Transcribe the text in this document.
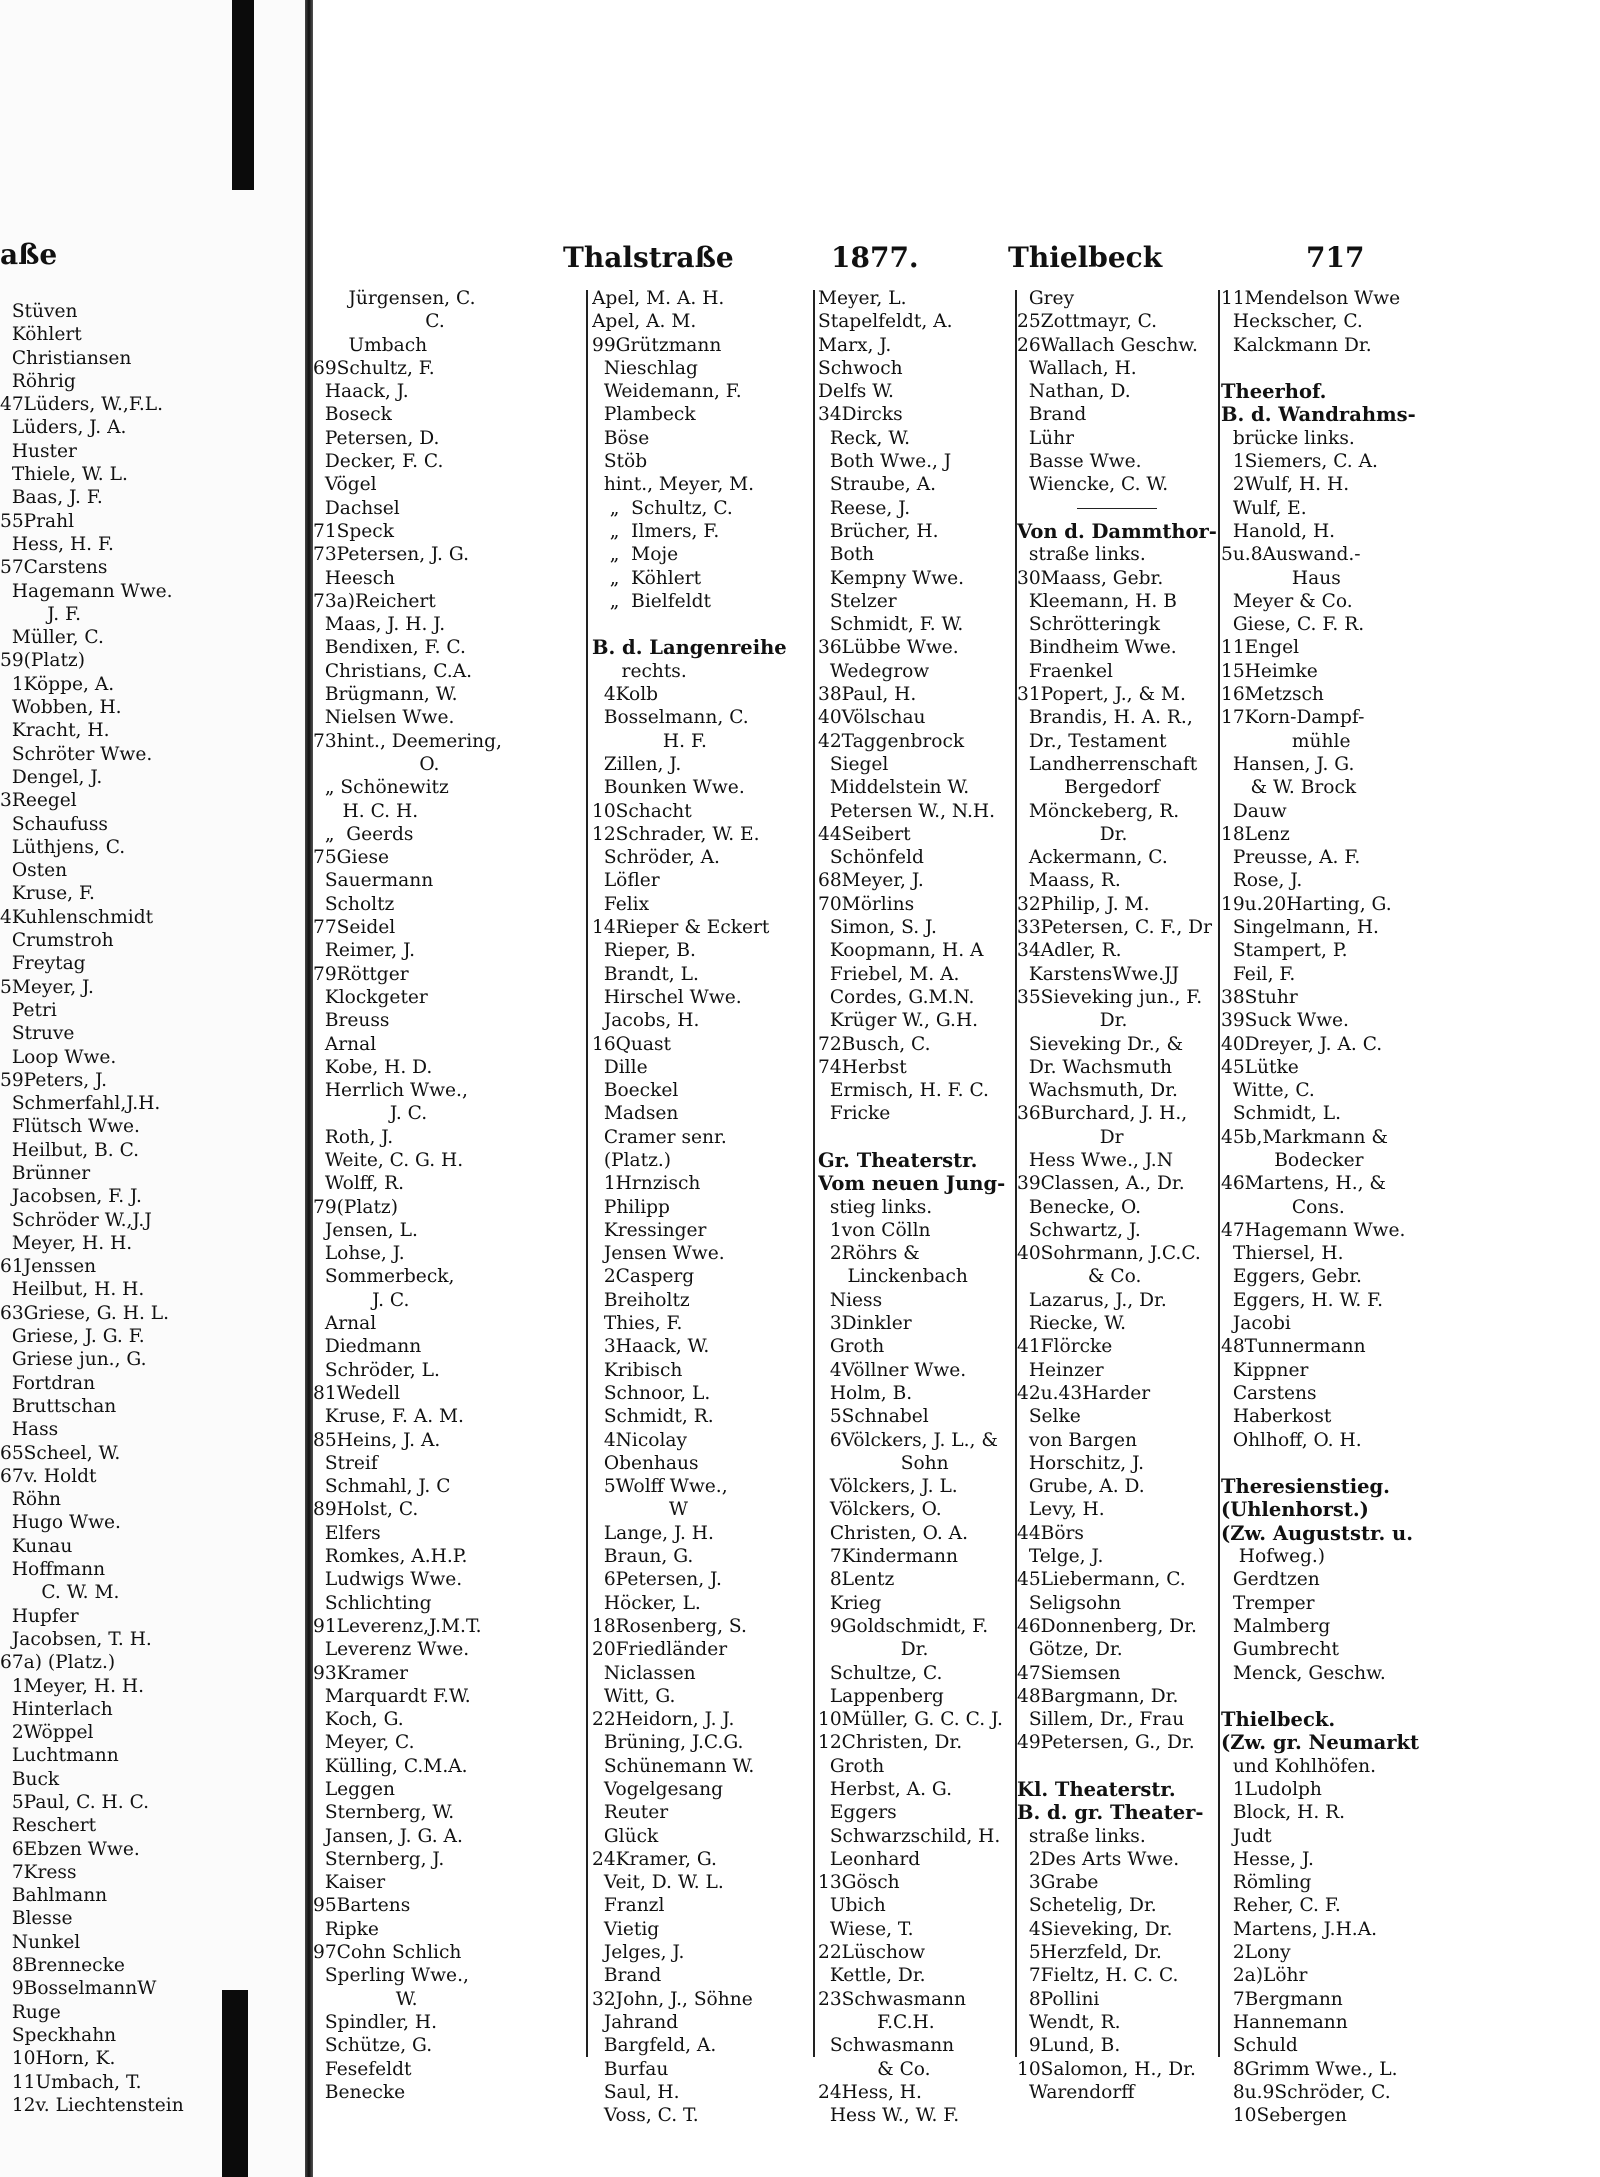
aße
Stüven
Köhlert
Christiansen
Röhrig
47Lüders, W.,F.L.
Lüders, J. A.
Huster
Thiele, W. L.
Baas, J. F.
55Prahl
Hess, H. F.
57Carstens
Hagemann Wwe.
J. F.
Müller, C.
59(Platz)
1Köppe, A.
Wobben, H.
Kracht, H.
Schröter Wwe.
Dengel, J.
3Reegel
Schaufuss
Lüthjens, C.
Osten
Kruse, F.
4Kuhlenschmidt
Crumstroh
Freytag
5Meyer, J.
Petri
Struve
Loop Wwe.
59Peters, J.
Schmerfahl,J.H.
Flütsch Wwe.
Heilbut, B. C.
Brünner
Jacobsen, F. J.
Schröder W.,J.J
Meyer, H. H.
61Jenssen
Heilbut, H. H.
63Griese, G. H. L.
Griese, J. G. F.
Griese jun., G.
Fortdran
Bruttschan
Hass
65Scheel, W.
67v. Holdt
Röhn
Hugo Wwe.
Kunau
Hoffmann
C. W. M.
Hupfer
Jacobsen, T. H.
67a) (Platz.)
1Meyer, H. H.
Hinterlach
2Wöppel
Luchtmann
Buck
5Paul, C. H. C.
Reschert
6Ebzen Wwe.
7Kress
Bahlmann
Blesse
Nunkel
8Brennecke
9BosselmannW
Ruge
Speckhahn
10Horn, K.
11Umbach, T.
12v. Liechtenstein
Thalstraße	1877.	Thielbeck	717
Jürgensen, C.
C.
Umbach
69Schultz, F.
Haack, J.
Boseck
Petersen, D.
Decker, F. C.
Vögel
Dachsel
71Speck
73Petersen, J. G.
Heesch
73a)Reichert
Maas, J. H. J.
Bendixen, F. C.
Christians, C.A.
Brügmann, W.
Nielsen Wwe.
73hint., Deemering,
O.
„ Schönewitz
H. C. H.
„  Geerds
75Giese
Sauermann
Scholtz
77Seidel
Reimer, J.
79Röttger
Klockgeter
Breuss
Arnal
Kobe, H. D.
Herrlich Wwe.,
J. C.
Roth, J.
Weite, C. G. H.
Wolff, R.
79(Platz)
Jensen, L.
Lohse, J.
Sommerbeck,
J. C.
Arnal
Diedmann
Schröder, L.
81Wedell
Kruse, F. A. M.
85Heins, J. A.
Streif
Schmahl, J. C
89Holst, C.
Elfers
Romkes, A.H.P.
Ludwigs Wwe.
Schlichting
91Leverenz,J.M.T.
Leverenz Wwe.
93Kramer
Marquardt F.W.
Koch, G.
Meyer, C.
Külling, C.M.A.
Leggen
Sternberg, W.
Jansen, J. G. A.
Sternberg, J.
Kaiser
95Bartens
Ripke
97Cohn Schlich
Sperling Wwe.,
W.
Spindler, H.
Schütze, G.
Fesefeldt
Benecke
Apel, M. A. H.
Apel, A. M.
99Grützmann
Nieschlag
Weidemann, F.
Plambeck
Böse
Stöb
hint., Meyer, M.
„  Schultz, C.
„  Ilmers, F.
„  Moje
„  Köhlert
„  Bielfeldt
B. d. Langenreihe
rechts.
4Kolb
Bosselmann, C.
H. F.
Zillen, J.
Bounken Wwe.
10Schacht
12Schrader, W. E.
Schröder, A.
Löfler
Felix
14Rieper & Eckert
Rieper, B.
Brandt, L.
Hirschel Wwe.
Jacobs, H.
16Quast
Dille
Boeckel
Madsen
Cramer senr.
(Platz.)
1Hrnzisch
Philipp
Kressinger
Jensen Wwe.
2Casperg
Breiholtz
Thies, F.
3Haack, W.
Kribisch
Schnoor, L.
Schmidt, R.
4Nicolay
Obenhaus
5Wolff Wwe.,
W
Lange, J. H.
Braun, G.
6Petersen, J.
Höcker, L.
18Rosenberg, S.
20Friedländer
Niclassen
Witt, G.
22Heidorn, J. J.
Brüning, J.C.G.
Schünemann W.
Vogelgesang
Reuter
Glück
24Kramer, G.
Veit, D. W. L.
Franzl
Vietig
Jelges, J.
Brand
32John, J., Söhne
Jahrand
Bargfeld, A.
Burfau
Saul, H.
Voss, C. T.
Meyer, L.
Stapelfeldt, A.
Marx, J.
Schwoch
Delfs W.
34Dircks
Reck, W.
Both Wwe., J
Straube, A.
Reese, J.
Brücher, H.
Both
Kempny Wwe.
Stelzer
Schmidt, F. W.
36Lübbe Wwe.
Wedegrow
38Paul, H.
40Völschau
42Taggenbrock
Siegel
Middelstein W.
Petersen W., N.H.
44Seibert
Schönfeld
68Meyer, J.
70Mörlins
Simon, S. J.
Koopmann, H. A
Friebel, M. A.
Cordes, G.M.N.
Krüger W., G.H.
72Busch, C.
74Herbst
Ermisch, H. F. C.
Fricke
Gr. Theaterstr.
Vom neuen Jung-
stieg links.
1von Cölln
2Röhrs &
Linckenbach
Niess
3Dinkler
Groth
4Völlner Wwe.
Holm, B.
5Schnabel
6Völckers, J. L., &
Sohn
Völckers, J. L.
Völckers, O.
Christen, O. A.
7Kindermann
8Lentz
Krieg
9Goldschmidt, F.
Dr.
Schultze, C.
Lappenberg
10Müller, G. C. C. J.
12Christen, Dr.
Groth
Herbst, A. G.
Eggers
Schwarzschild, H.
Leonhard
13Gösch
Ubich
Wiese, T.
22Lüschow
Kettle, Dr.
23Schwasmann
F.C.H.
Schwasmann
& Co.
24Hess, H.
Hess W., W. F.
Grey
25Zottmayr, C.
26Wallach Geschw.
Wallach, H.
Nathan, D.
Brand
Lühr
Basse Wwe.
Wiencke, C. W.
Von d. Dammthor-
straße links.
30Maass, Gebr.
Kleemann, H. B
Schrötteringk
Bindheim Wwe.
Fraenkel
31Popert, J., & M.
Brandis, H. A. R.,
Dr., Testament
Landherrenschaft
Bergedorf
Mönckeberg, R.
Dr.
Ackermann, C.
Maass, R.
32Philip, J. M.
33Petersen, C. F., Dr
34Adler, R.
KarstensWwe.JJ
35Sieveking jun., F.
Dr.
Sieveking Dr., &
Dr. Wachsmuth
Wachsmuth, Dr.
36Burchard, J. H.,
Dr
Hess Wwe., J.N
39Classen, A., Dr.
Benecke, O.
Schwartz, J.
40Sohrmann, J.C.C.
& Co.
Lazarus, J., Dr.
Riecke, W.
41Flörcke
Heinzer
42u.43Harder
Selke
von Bargen
Horschitz, J.
Grube, A. D.
Levy, H.
44Börs
Telge, J.
45Liebermann, C.
Seligsohn
46Donnenberg, Dr.
Götze, Dr.
47Siemsen
48Bargmann, Dr.
Sillem, Dr., Frau
49Petersen, G., Dr.
Kl. Theaterstr.
B. d. gr. Theater-
straße links.
2Des Arts Wwe.
3Grabe
Schetelig, Dr.
4Sieveking, Dr.
5Herzfeld, Dr.
7Fieltz, H. C. C.
8Pollini
Wendt, R.
9Lund, B.
10Salomon, H., Dr.
Warendorff
11Mendelson Wwe
Heckscher, C.
Kalckmann Dr.
Theerhof.
B. d. Wandrahms-
brücke links.
1Siemers, C. A.
2Wulf, H. H.
Wulf, E.
Hanold, H.
5u.8Auswand.-
Haus
Meyer & Co.
Giese, C. F. R.
11Engel
15Heimke
16Metzsch
17Korn-Dampf-
mühle
Hansen, J. G.
& W. Brock
Dauw
18Lenz
Preusse, A. F.
Rose, J.
19u.20Harting, G.
Singelmann, H.
Stampert, P.
Feil, F.
38Stuhr
39Suck Wwe.
40Dreyer, J. A. C.
45Lütke
Witte, C.
Schmidt, L.
45b,Markmann &
Bodecker
46Martens, H., &
Cons.
47Hagemann Wwe.
Thiersel, H.
Eggers, Gebr.
Eggers, H. W. F.
Jacobi
48Tunnermann
Kippner
Carstens
Haberkost
Ohlhoff, O. H.
Theresienstieg.
(Uhlenhorst.)
(Zw. Auguststr. u.
Hofweg.)
Gerdtzen
Tremper
Malmberg
Gumbrecht
Menck, Geschw.
Thielbeck.
(Zw. gr. Neumarkt
und Kohlhöfen.
1Ludolph
Block, H. R.
Judt
Hesse, J.
Römling
Reher, C. F.
Martens, J.H.A.
2Lony
2a)Löhr
7Bergmann
Hannemann
Schuld
8Grimm Wwe., L.
8u.9Schröder, C.
10Sebergen
